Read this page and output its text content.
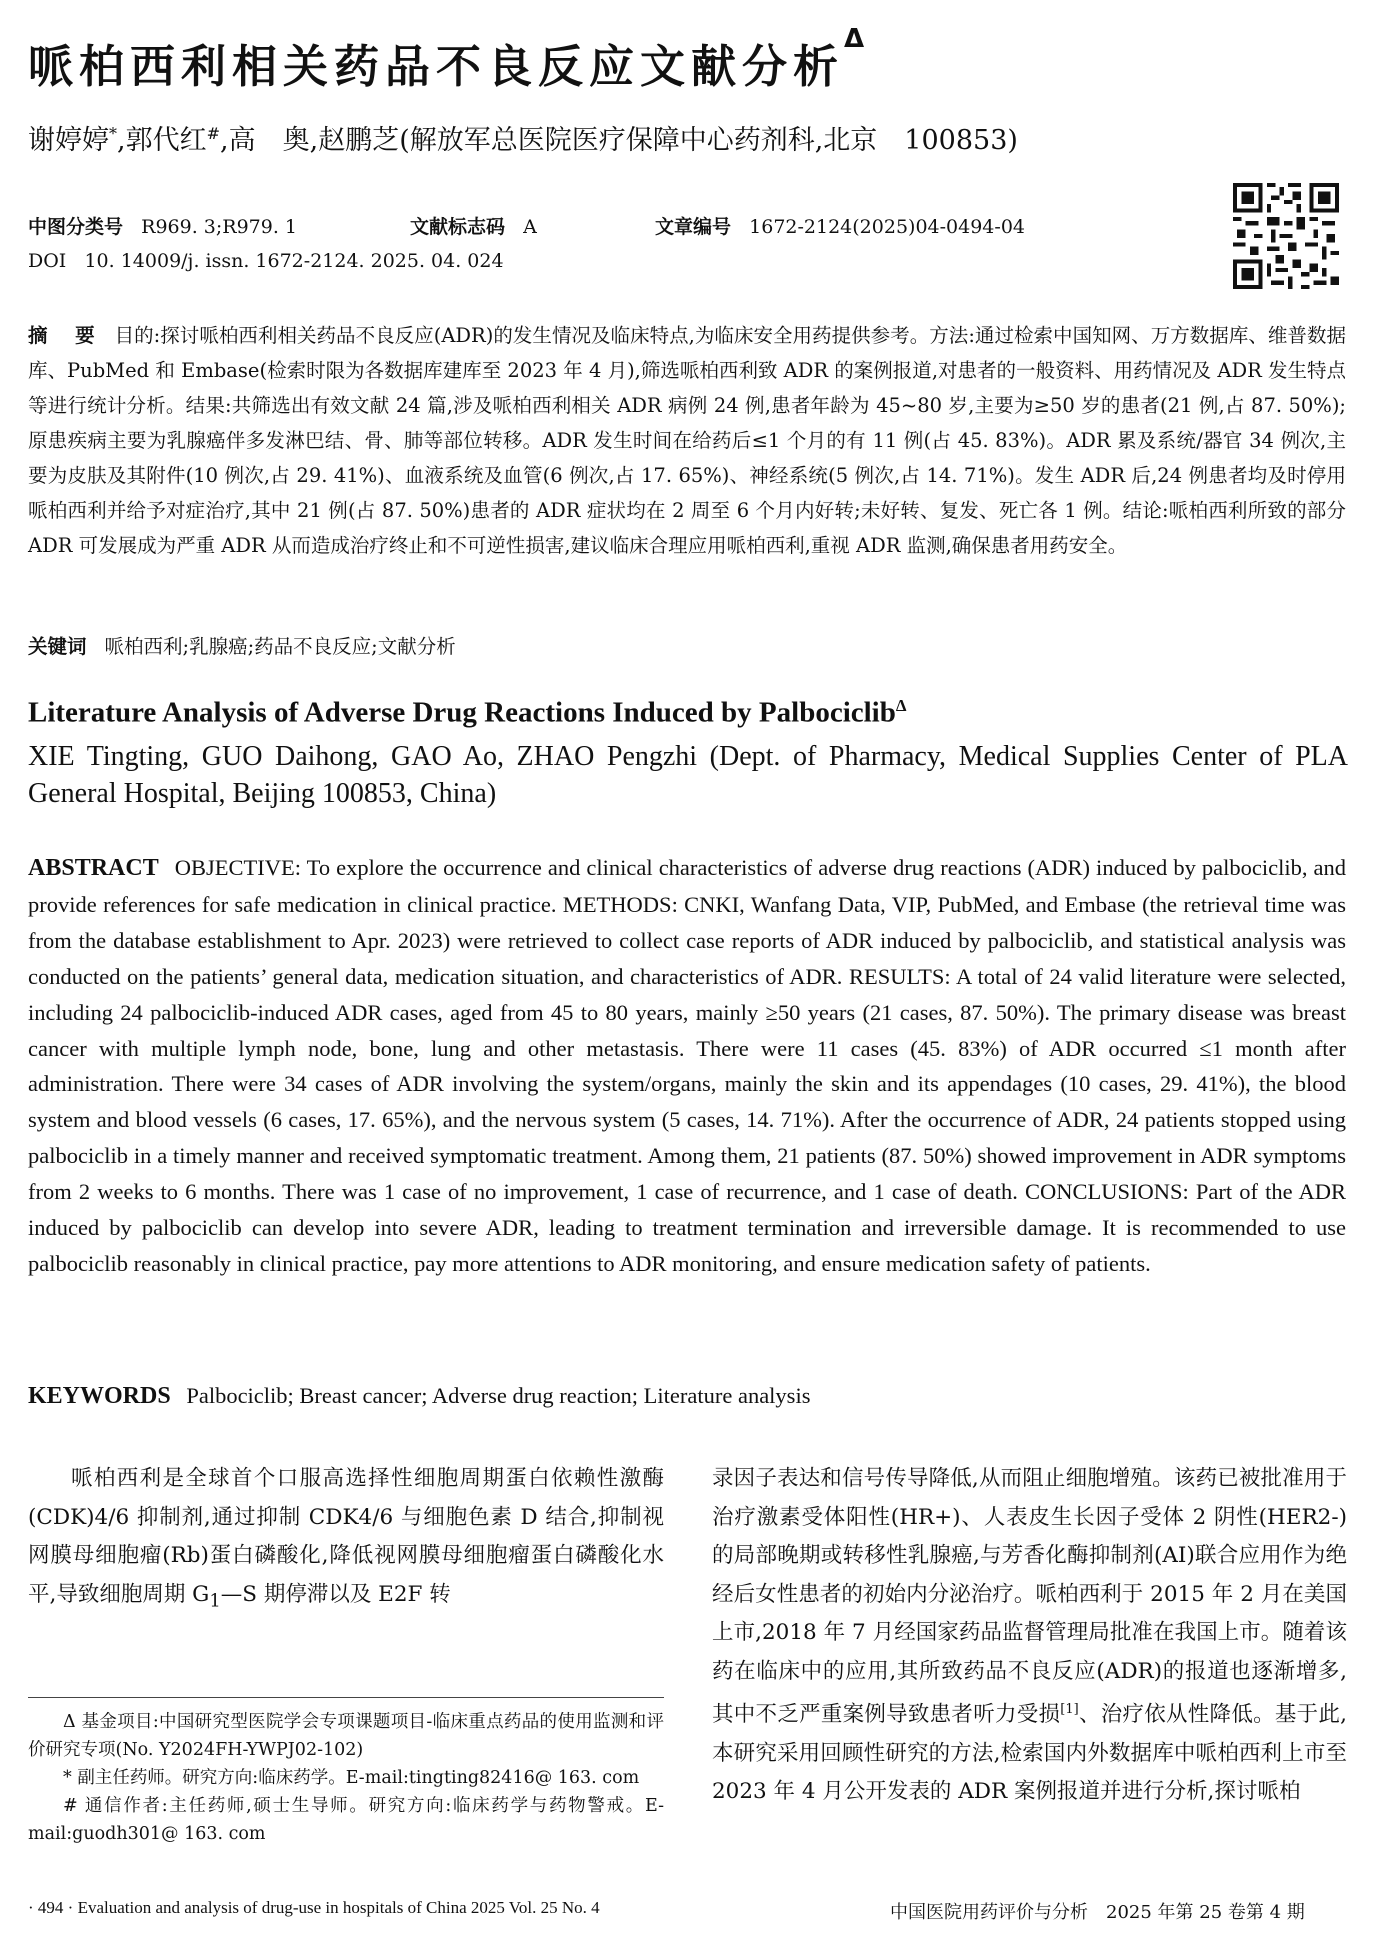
哌柏西利相关药品不良反应文献分析$^\Delta$
谢婷婷*,郭代红#,高　奥,赵鹏芝(解放军总医院医疗保障中心药剂科,北京　100853)
中图分类号 R969. 3;R979. 1	文献标志码 A	文章编号 1672-2124(2025)04-0494-04
DOI 10. 14009/j. issn. 1672-2124. 2025. 04. 024
摘　要 目的:探讨哌柏西利相关药品不良反应(ADR)的发生情况及临床特点,为临床安全用药提供参考。方法:通过检索中国知网、万方数据库、维普数据库、PubMed 和 Embase(检索时限为各数据库建库至 2023 年 4 月),筛选哌柏西利致 ADR 的案例报道,对患者的一般资料、用药情况及 ADR 发生特点等进行统计分析。结果:共筛选出有效文献 24 篇,涉及哌柏西利相关 ADR 病例 24 例,患者年龄为 45~80 岁,主要为≥50 岁的患者(21 例,占 87. 50%);原患疾病主要为乳腺癌伴多发淋巴结、骨、肺等部位转移。ADR 发生时间在给药后≤1 个月的有 11 例(占 45. 83%)。ADR 累及系统/器官 34 例次,主要为皮肤及其附件(10 例次,占 29. 41%)、血液系统及血管(6 例次,占 17. 65%)、神经系统(5 例次,占 14. 71%)。发生 ADR 后,24 例患者均及时停用哌柏西利并给予对症治疗,其中 21 例(占 87. 50%)患者的 ADR 症状均在 2 周至 6 个月内好转;未好转、复发、死亡各 1 例。结论:哌柏西利所致的部分 ADR 可发展成为严重 ADR 从而造成治疗终止和不可逆性损害,建议临床合理应用哌柏西利,重视 ADR 监测,确保患者用药安全。
关键词 哌柏西利;乳腺癌;药品不良反应;文献分析
Literature Analysis of Adverse Drug Reactions Induced by Palbociclib$^\Delta$
XIE Tingting, GUO Daihong, GAO Ao, ZHAO Pengzhi (Dept. of Pharmacy, Medical Supplies Center of PLA General Hospital, Beijing 100853, China)
ABSTRACT OBJECTIVE: To explore the occurrence and clinical characteristics of adverse drug reactions (ADR) induced by palbociclib, and provide references for safe medication in clinical practice. METHODS: CNKI, Wanfang Data, VIP, PubMed, and Embase (the retrieval time was from the database establishment to Apr. 2023) were retrieved to collect case reports of ADR induced by palbociclib, and statistical analysis was conducted on the patients’ general data, medication situation, and characteristics of ADR. RESULTS: A total of 24 valid literature were selected, including 24 palbociclib-induced ADR cases, aged from 45 to 80 years, mainly ≥50 years (21 cases, 87. 50%). The primary disease was breast cancer with multiple lymph node, bone, lung and other metastasis. There were 11 cases (45. 83%) of ADR occurred ≤1 month after administration. There were 34 cases of ADR involving the system/organs, mainly the skin and its appendages (10 cases, 29. 41%), the blood system and blood vessels (6 cases, 17. 65%), and the nervous system (5 cases, 14. 71%). After the occurrence of ADR, 24 patients stopped using palbociclib in a timely manner and received symptomatic treatment. Among them, 21 patients (87. 50%) showed improvement in ADR symptoms from 2 weeks to 6 months. There was 1 case of no improvement, 1 case of recurrence, and 1 case of death. CONCLUSIONS: Part of the ADR induced by palbociclib can develop into severe ADR, leading to treatment termination and irreversible damage. It is recommended to use palbociclib reasonably in clinical practice, pay more attentions to ADR monitoring, and ensure medication safety of patients.
KEYWORDS Palbociclib; Breast cancer; Adverse drug reaction; Literature analysis

哌柏西利是全球首个口服高选择性细胞周期蛋白依赖性激酶(CDK)4/6 抑制剂,通过抑制 CDK4/6 与细胞色素 D 结合,抑制视网膜母细胞瘤(Rb)蛋白磷酸化,降低视网膜母细胞瘤蛋白磷酸化水平,导致细胞周期 $G_1—S$ 期停滞以及 E2F 转

Δ 基金项目:中国研究型医院学会专项课题项目-临床重点药品的使用监测和评价研究专项(No. Y2024FH-YWPJ02-102)

* 副主任药师。研究方向:临床药学。E-mail:tingting82416@ 163. com

# 通信作者:主任药师,硕士生导师。研究方向:临床药学与药物警戒。E-mail:guodh301@ 163. com

录因子表达和信号传导降低,从而阻止细胞增殖。该药已被批准用于治疗激素受体阳性(HR+)、人表皮生长因子受体 2 阴性(HER2-)的局部晚期或转移性乳腺癌,与芳香化酶抑制剂(AI)联合应用作为绝经后女性患者的初始内分泌治疗。哌柏西利于 2015 年 2 月在美国上市,2018 年 7 月经国家药品监督管理局批准在我国上市。随着该药在临床中的应用,其所致药品不良反应(ADR)的报道也逐渐增多,其中不乏严重案例导致患者听力受损[1]、治疗依从性降低。基于此,本研究采用回顾性研究的方法,检索国内外数据库中哌柏西利上市至 2023 年 4 月公开发表的 ADR 案例报道并进行分析,探讨哌柏

· 494 · Evaluation and analysis of drug-use in hospitals of China 2025 Vol. 25 No. 4	中国医院用药评价与分析　2025 年第 25 卷第 4 期
